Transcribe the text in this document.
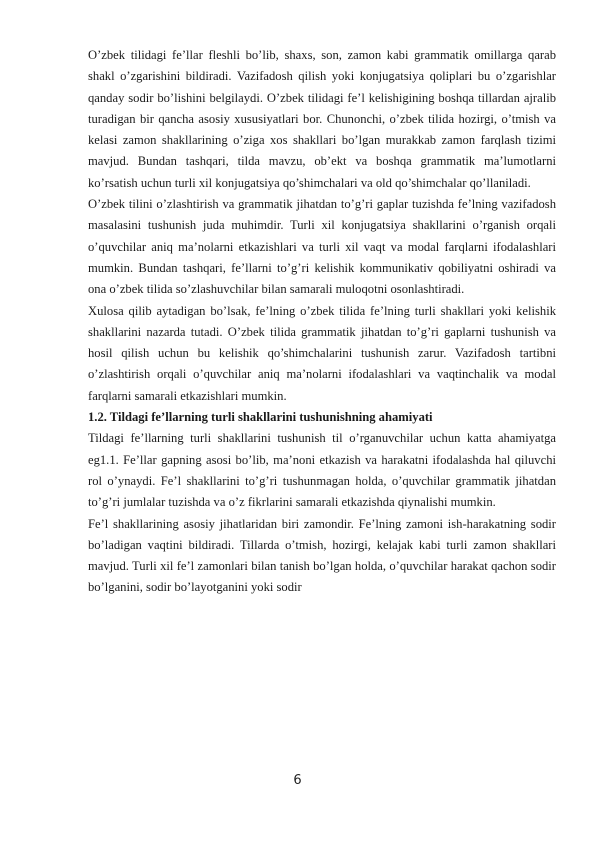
O’zbek tilidagi fe’llar fleshli bo’lib, shaxs, son, zamon kabi grammatik omillarga qarab shakl o’zgarishini bildiradi. Vazifadosh qilish yoki konjugatsiya qoliplari bu o’zgarishlar qanday sodir bo’lishini belgilaydi. O’zbek tilidagi fe’l kelishigining boshqa tillardan ajralib turadigan bir qancha asosiy xususiyatlari bor. Chunonchi, o’zbek tilida hozirgi, o’tmish va kelasi zamon shakllarining o’ziga xos shakllari bo’lgan murakkab zamon farqlash tizimi mavjud. Bundan tashqari, tilda mavzu, ob’ekt va boshqa grammatik ma’lumotlarni ko’rsatish uchun turli xil konjugatsiya qo’shimchalari va old qo’shimchalar qo’llaniladi.

O’zbek tilini o’zlashtirish va grammatik jihatdan to’g’ri gaplar tuzishda fe’lning vazifadosh masalasini tushunish juda muhimdir. Turli xil konjugatsiya shakllarini o’rganish orqali o’quvchilar aniq ma’nolarni etkazishlari va turli xil vaqt va modal farqlarni ifodalashlari mumkin. Bundan tashqari, fe’llarni to’g’ri kelishik kommunikativ qobiliyatni oshiradi va ona o’zbek tilida so’zlashuvchilar bilan samarali muloqotni osonlashtiradi.

Xulosa qilib aytadigan bo’lsak, fe’lning o’zbek tilida fe’lning turli shakllari yoki kelishik shakllarini nazarda tutadi. O’zbek tilida grammatik jihatdan to’g’ri gaplarni tushunish va hosil qilish uchun bu kelishik qo’shimchalarini tushunish zarur. Vazifadosh tartibni o’zlashtirish orqali o’quvchilar aniq ma’nolarni ifodalashlari va vaqtinchalik va modal farqlarni samarali etkazishlari mumkin.

1.2. Tildagi fe’llarning turli shakllarini tushunishning ahamiyati

Tildagi fe’llarning turli shakllarini tushunish til o’rganuvchilar uchun katta ahamiyatga eg1.1. Fe’llar gapning asosi bo’lib, ma’noni etkazish va harakatni ifodalashda hal qiluvchi rol o’ynaydi. Fe’l shakllarini to’g’ri tushunmagan holda, o’quvchilar grammatik jihatdan to’g’ri jumlalar tuzishda va o’z fikrlarini samarali etkazishda qiynalishi mumkin.

Fe’l shakllarining asosiy jihatlaridan biri zamondir. Fe’lning zamoni ish-harakatning sodir bo’ladigan vaqtini bildiradi. Tillarda o’tmish, hozirgi, kelajak kabi turli zamon shakllari mavjud. Turli xil fe’l zamonlari bilan tanish bo’lgan holda, o’quvchilar harakat qachon sodir bo’lganini, sodir bo’layotganini yoki sodir

6
